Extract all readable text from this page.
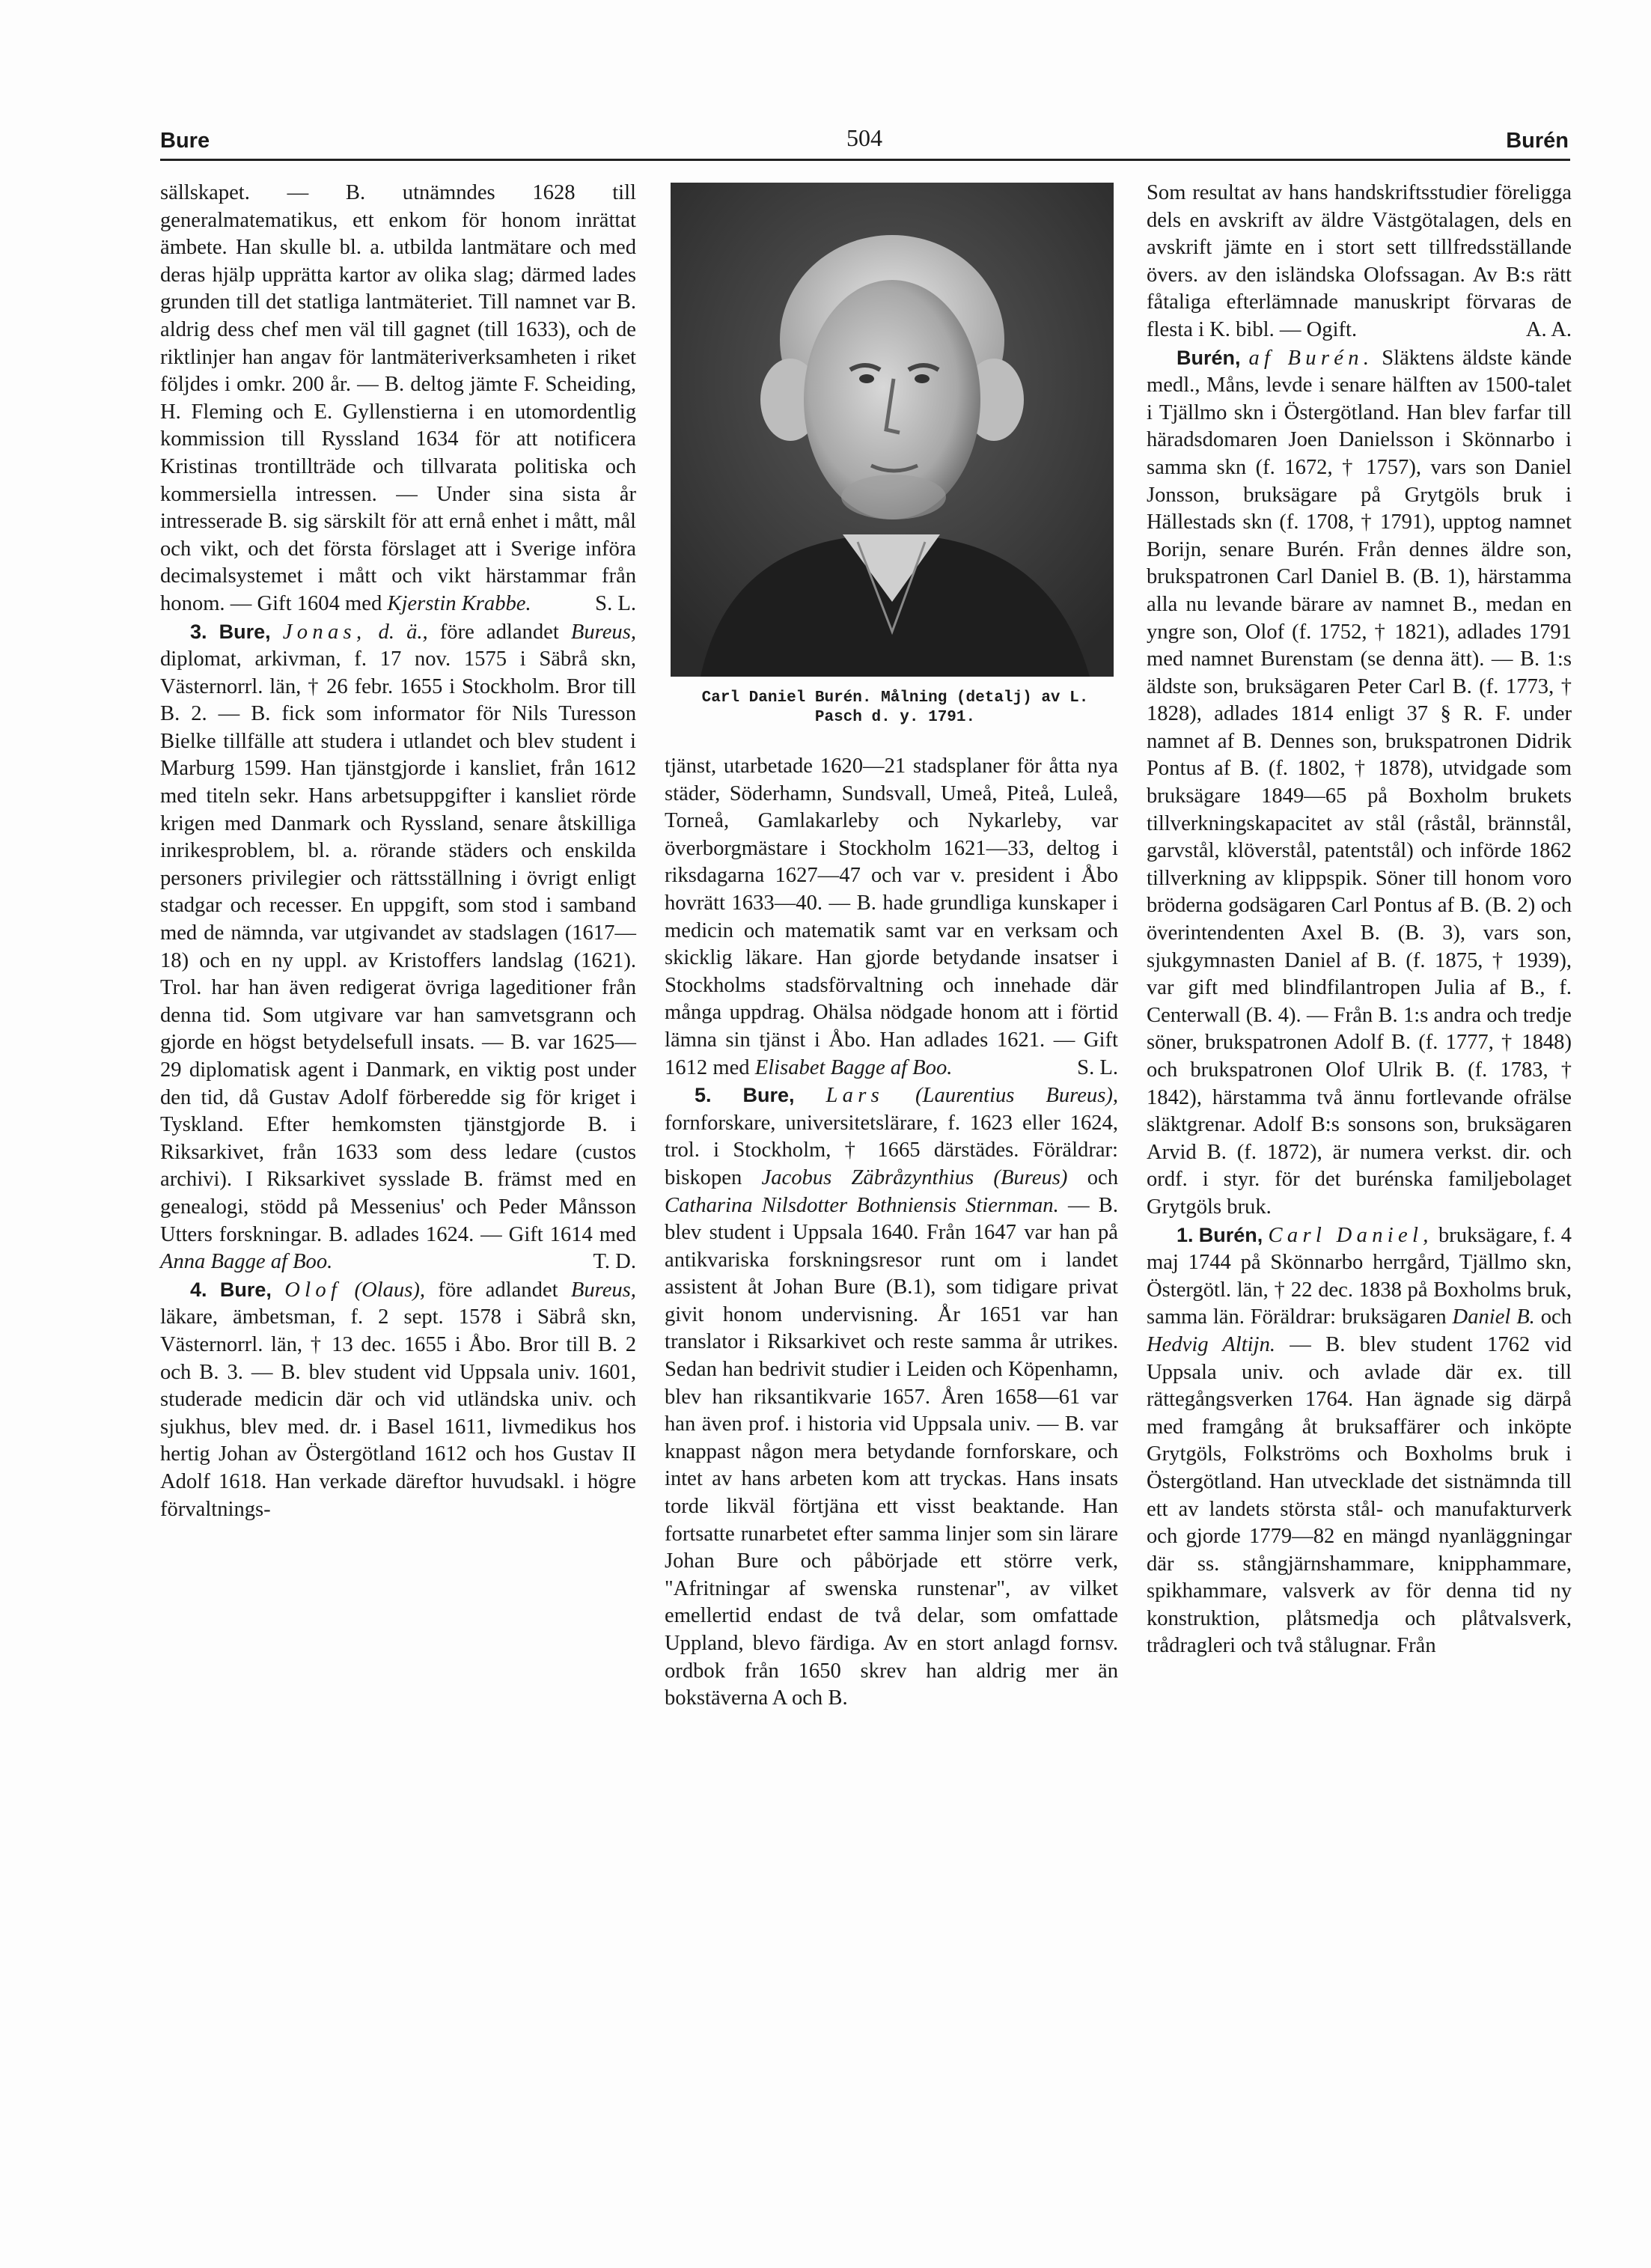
Bure	504	Burén

sällskapet. — B. utnämndes 1628 till generalmatematikus, ett enkom för honom inrättat ämbete. Han skulle bl. a. utbilda lantmätare och med deras hjälp upprätta kartor av olika slag; därmed lades grunden till det statliga lantmäteriet. Till namnet var B. aldrig dess chef men väl till gagnet (till 1633), och de riktlinjer han angav för lantmäteriverksamheten i riket följdes i omkr. 200 år. — B. deltog jämte F. Scheiding, H. Fleming och E. Gyllenstierna i en utomordentlig kommission till Ryssland 1634 för att notificera Kristinas trontillträde och tillvarata politiska och kommersiella intressen. — Under sina sista år intresserade B. sig särskilt för att ernå enhet i mått, mål och vikt, och det första förslaget att i Sverige införa decimalsystemet i mått och vikt härstammar från honom. — Gift 1604 med Kjerstin Krabbe.	S. L.

3. Bure, Jonas, d. ä., före adlandet Bureus, diplomat, arkivman, f. 17 nov. 1575 i Säbrå skn, Västernorrl. län, † 26 febr. 1655 i Stockholm. Bror till B. 2. — B. fick som informator för Nils Turesson Bielke tillfälle att studera i utlandet och blev student i Marburg 1599. Han tjänstgjorde i kansliet, från 1612 med titeln sekr. Hans arbetsuppgifter i kansliet rörde krigen med Danmark och Ryssland, senare åtskilliga inrikesproblem, bl. a. rörande städers och enskilda personers privilegier och rättsställning i övrigt enligt stadgar och recesser. En uppgift, som stod i samband med de nämnda, var utgivandet av stadslagen (1617—18) och en ny uppl. av Kristoffers landslag (1621). Trol. har han även redigerat övriga lageditioner från denna tid. Som utgivare var han samvetsgrann och gjorde en högst betydelsefull insats. — B. var 1625—29 diplomatisk agent i Danmark, en viktig post under den tid, då Gustav Adolf förberedde sig för kriget i Tyskland. Efter hemkomsten tjänstgjorde B. i Riksarkivet, från 1633 som dess ledare (custos archivi). I Riksarkivet sysslade B. främst med en genealogi, stödd på Messenius' och Peder Månsson Utters forskningar. B. adlades 1624. — Gift 1614 med Anna Bagge af Boo.	T. D.

4. Bure, Olof (Olaus), före adlandet Bureus, läkare, ämbetsman, f. 2 sept. 1578 i Säbrå skn, Västernorrl. län, † 13 dec. 1655 i Åbo. Bror till B. 2 och B. 3. — B. blev student vid Uppsala univ. 1601, studerade medicin där och vid utländska univ. och sjukhus, blev med. dr. i Basel 1611, livmedikus hos hertig Johan av Östergötland 1612 och hos Gustav II Adolf 1618. Han verkade däreftor huvudsakl. i högre förvaltnings-

Carl Daniel Burén. Målning (detalj) av L.
Pasch d. y. 1791.

tjänst, utarbetade 1620—21 stadsplaner för åtta nya städer, Söderhamn, Sundsvall, Umeå, Piteå, Luleå, Torneå, Gamlakarleby och Nykarleby, var överborgmästare i Stockholm 1621—33, deltog i riksdagarna 1627—47 och var v. president i Åbo hovrätt 1633—40. — B. hade grundliga kunskaper i medicin och matematik samt var en verksam och skicklig läkare. Han gjorde betydande insatser i Stockholms stadsförvaltning och innehade där många uppdrag. Ohälsa nödgade honom att i förtid lämna sin tjänst i Åbo. Han adlades 1621. — Gift 1612 med Elisabet Bagge af Boo.	S. L.

5. Bure, Lars (Laurentius Bureus), fornforskare, universitetslärare, f. 1623 eller 1624, trol. i Stockholm, † 1665 därstädes. Föräldrar: biskopen Jacobus Zäbråzynthius (Bureus) och Catharina Nilsdotter Bothniensis Stiernman. — B. blev student i Uppsala 1640. Från 1647 var han på antikvariska forskningsresor runt om i landet assistent åt Johan Bure (B.1), som tidigare privat givit honom undervisning. År 1651 var han translator i Riksarkivet och reste samma år utrikes. Sedan han bedrivit studier i Leiden och Köpenhamn, blev han riksantikvarie 1657. Åren 1658—61 var han även prof. i historia vid Uppsala univ. — B. var knappast någon mera betydande fornforskare, och intet av hans arbeten kom att tryckas. Hans insats torde likväl förtjäna ett visst beaktande. Han fortsatte runarbetet efter samma linjer som sin lärare Johan Bure och påbörjade ett större verk, "Afritningar af swenska runstenar", av vilket emellertid endast de två delar, som omfattade Uppland, blevo färdiga. Av en stort anlagd fornsv. ordbok från 1650 skrev han aldrig mer än bokstäverna A och B.

Som resultat av hans handskriftsstudier föreligga dels en avskrift av äldre Västgötalagen, dels en avskrift jämte en i stort sett tillfredsställande övers. av den isländska Olofssagan. Av B:s rätt fåtaliga efterlämnade manuskript förvaras de flesta i K. bibl. — Ogift.	A. A.

Burén, af Burén. Släktens äldste kände medl., Måns, levde i senare hälften av 1500-talet i Tjällmo skn i Östergötland. Han blev farfar till häradsdomaren Joen Danielsson i Skönnarbo i samma skn (f. 1672, † 1757), vars son Daniel Jonsson, bruksägare på Grytgöls bruk i Hällestads skn (f. 1708, † 1791), upptog namnet Borijn, senare Burén. Från dennes äldre son, brukspatronen Carl Daniel B. (B. 1), härstamma alla nu levande bärare av namnet B., medan en yngre son, Olof (f. 1752, † 1821), adlades 1791 med namnet Burenstam (se denna ätt). — B. 1:s äldste son, bruksägaren Peter Carl B. (f. 1773, † 1828), adlades 1814 enligt 37 § R. F. under namnet af B. Dennes son, brukspatronen Didrik Pontus af B. (f. 1802, † 1878), utvidgade som bruksägare 1849—65 på Boxholm brukets tillverkningskapacitet av stål (råstål, brännstål, garvstål, klöverstål, patentstål) och införde 1862 tillverkning av klippspik. Söner till honom voro bröderna godsägaren Carl Pontus af B. (B. 2) och överintendenten Axel B. (B. 3), vars son, sjukgymnasten Daniel af B. (f. 1875, † 1939), var gift med blindfilantropen Julia af B., f. Centerwall (B. 4). — Från B. 1:s andra och tredje söner, brukspatronen Adolf B. (f. 1777, † 1848) och brukspatronen Olof Ulrik B. (f. 1783, † 1842), härstamma två ännu fortlevande ofrälse släktgrenar. Adolf B:s sonsons son, bruksägaren Arvid B. (f. 1872), är numera verkst. dir. och ordf. i styr. för det burénska familjebolaget Grytgöls bruk.

1. Burén, Carl Daniel, bruksägare, f. 4 maj 1744 på Skönnarbo herrgård, Tjällmo skn, Östergötl. län, † 22 dec. 1838 på Boxholms bruk, samma län. Föräldrar: bruksägaren Daniel B. och Hedvig Altijn. — B. blev student 1762 vid Uppsala univ. och avlade där ex. till rättegångsverken 1764. Han ägnade sig därpå med framgång åt bruksaffärer och inköpte Grytgöls, Folkströms och Boxholms bruk i Östergötland. Han utvecklade det sistnämnda till ett av landets största stål- och manufakturverk och gjorde 1779—82 en mängd nyanläggningar där ss. stångjärnshammare, knipphammare, spikhammare, valsverk av för denna tid ny konstruktion, plåtsmedja och plåtvalsverk, trådragleri och två stålugnar. Från
